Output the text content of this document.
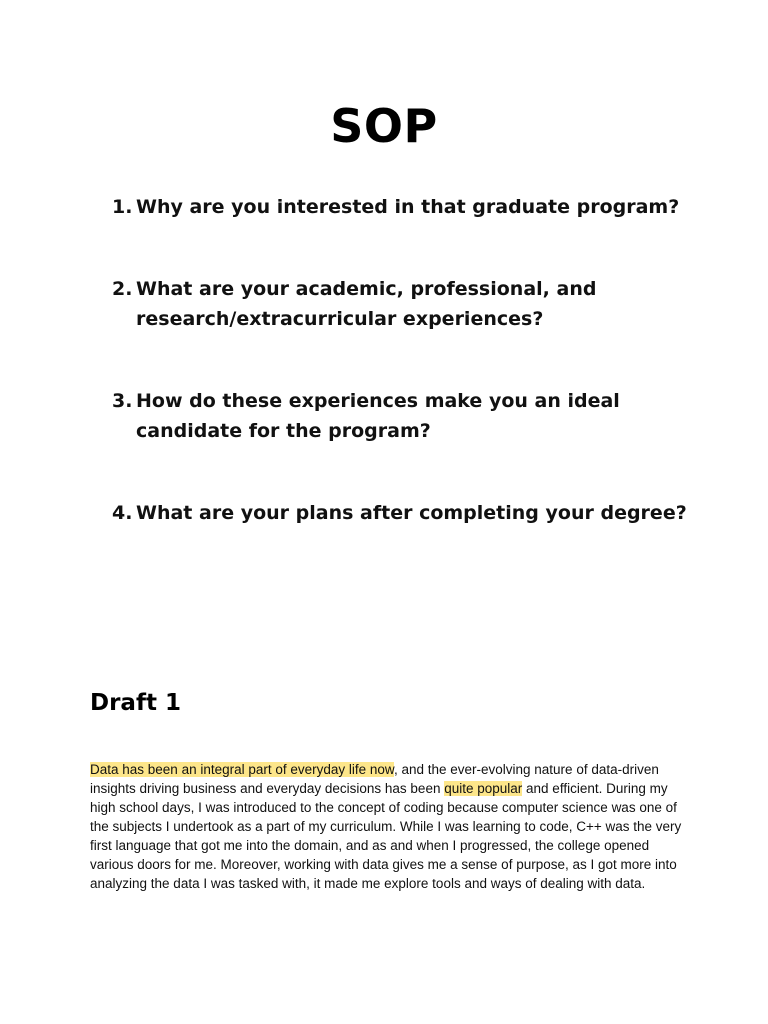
SOP
1. Why are you interested in that graduate program?
2. What are your academic, professional, and research/extracurricular experiences?
3. How do these experiences make you an ideal candidate for the program?
4. What are your plans after completing your degree?
Draft 1

Data has been an integral part of everyday life now, and the ever-evolving nature of data-driven insights driving business and everyday decisions has been quite popular and efficient. During my high school days, I was introduced to the concept of coding because computer science was one of the subjects I undertook as a part of my curriculum. While I was learning to code, C++ was the very first language that got me into the domain, and as and when I progressed, the college opened various doors for me. Moreover, working with data gives me a sense of purpose, as I got more into analyzing the data I was tasked with, it made me explore tools and ways of dealing with data.
